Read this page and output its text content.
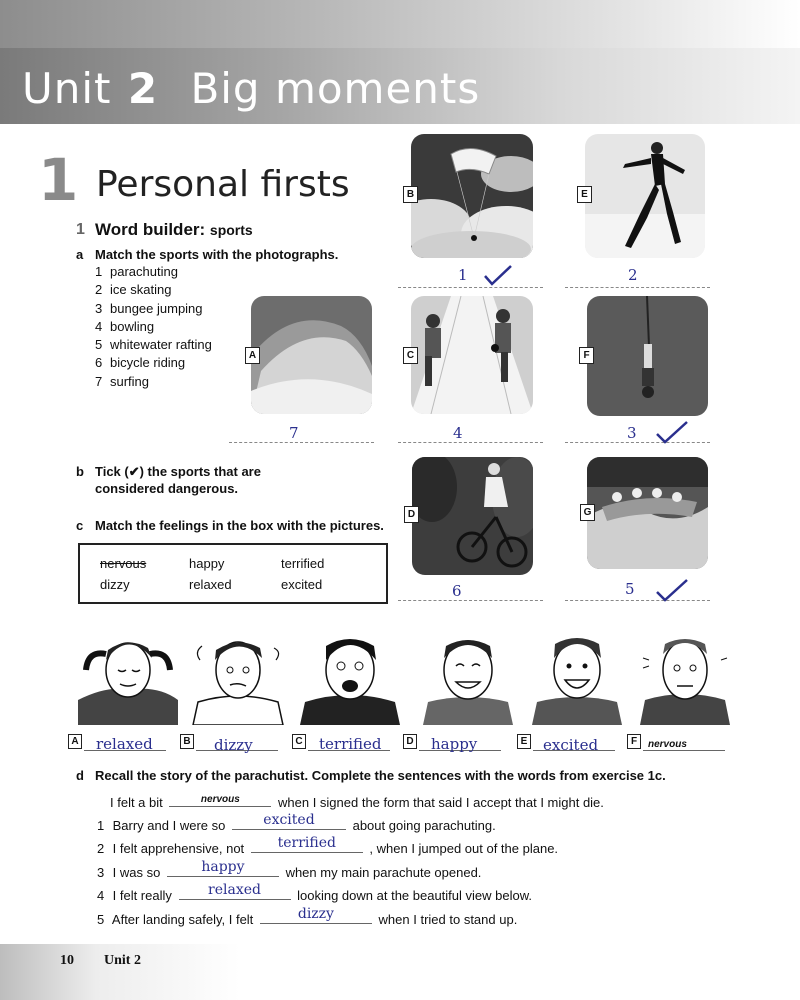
Unit 2 Big moments
1 Personal firsts
1 Word builder: sports
a Match the sports with the photographs.
1 parachuting
2 ice skating
3 bungee jumping
4 bowling
5 whitewater rafting
6 bicycle riding
7 surfing
B	E
A	C	F
D	G
1	2
7	4	3
6	5
b Tick (✔) the sports that are
considered dangerous.
c Match the feelings in the box with the pictures.
nervous	happy	terrified
dizzy	relaxed	excited
A relaxed	B dizzy	C terrified	D happy	E excited	F	nervous
d Recall the story of the parachutist. Complete the sentences with the words from exercise 1c.
I felt a bit	nervous	when I signed the form that said I accept that I might die.
1 Barry and I were so	excited	about going parachuting.
2 I felt apprehensive, not	terrified	, when I jumped out of the plane.
3 I was so	happy	when my main parachute opened.
4 I felt really	relaxed	looking down at the beautiful view below.
5 After landing safely, I felt	dizzy	when I tried to stand up.
10 Unit 2
